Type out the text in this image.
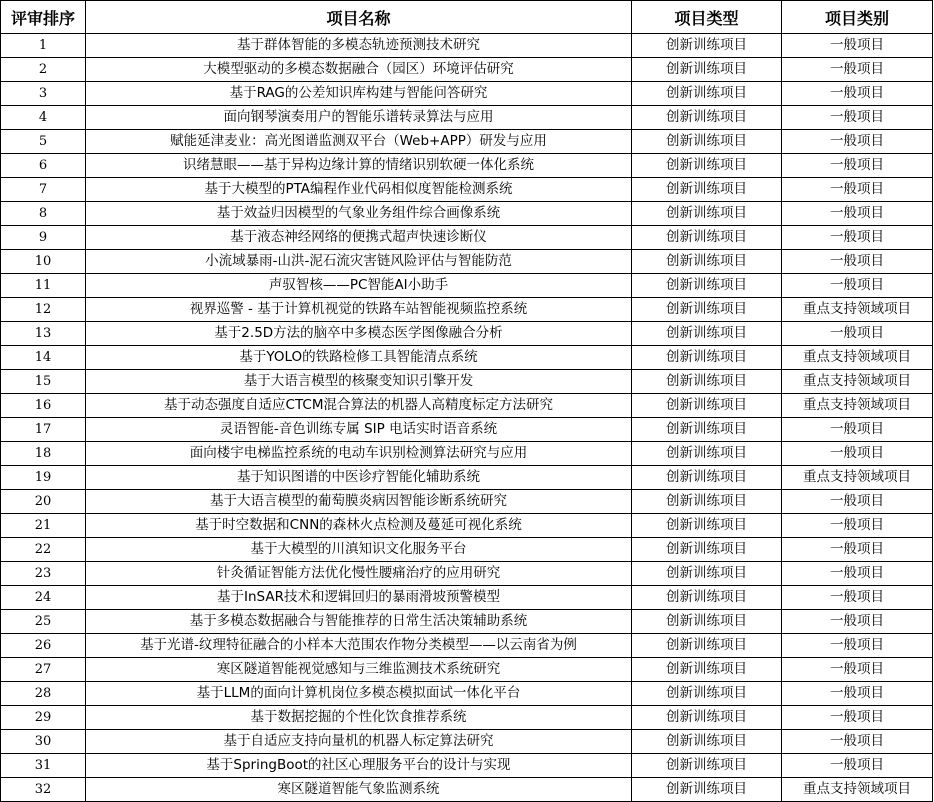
评审排序	项目名称	项目类型	项目类别
1	基于群体智能的多模态轨迹预测技术研究	创新训练项目	一般项目
2	大模型驱动的多模态数据融合（园区）环境评估研究	创新训练项目	一般项目
3	基于RAG的公差知识库构建与智能问答研究	创新训练项目	一般项目
4	面向钢琴演奏用户的智能乐谱转录算法与应用	创新训练项目	一般项目
5	赋能延津麦业：高光图谱监测双平台（Web+APP）研发与应用	创新训练项目	一般项目
6	识绪慧眼——基于异构边缘计算的情绪识别软硬一体化系统	创新训练项目	一般项目
7	基于大模型的PTA编程作业代码相似度智能检测系统	创新训练项目	一般项目
8	基于效益归因模型的气象业务组件综合画像系统	创新训练项目	一般项目
9	基于液态神经网络的便携式超声快速诊断仪	创新训练项目	一般项目
10	小流域暴雨-山洪-泥石流灾害链风险评估与智能防范	创新训练项目	一般项目
11	声驭智核——PC智能AI小助手	创新训练项目	一般项目
12	视界巡警 - 基于计算机视觉的铁路车站智能视频监控系统	创新训练项目	重点支持领域项目
13	基于2.5D方法的脑卒中多模态医学图像融合分析	创新训练项目	一般项目
14	基于YOLO的铁路检修工具智能清点系统	创新训练项目	重点支持领域项目
15	基于大语言模型的核聚变知识引擎开发	创新训练项目	重点支持领域项目
16	基于动态强度自适应CTCM混合算法的机器人高精度标定方法研究	创新训练项目	重点支持领域项目
17	灵语智能-音色训练专属 SIP 电话实时语音系统	创新训练项目	一般项目
18	面向楼宇电梯监控系统的电动车识别检测算法研究与应用	创新训练项目	一般项目
19	基于知识图谱的中医诊疗智能化辅助系统	创新训练项目	重点支持领域项目
20	基于大语言模型的葡萄膜炎病因智能诊断系统研究	创新训练项目	一般项目
21	基于时空数据和CNN的森林火点检测及蔓延可视化系统	创新训练项目	一般项目
22	基于大模型的川滇知识文化服务平台	创新训练项目	一般项目
23	针灸循证智能方法优化慢性腰痛治疗的应用研究	创新训练项目	一般项目
24	基于InSAR技术和逻辑回归的暴雨滑坡预警模型	创新训练项目	一般项目
25	基于多模态数据融合与智能推荐的日常生活决策辅助系统	创新训练项目	一般项目
26	基于光谱-纹理特征融合的小样本大范围农作物分类模型——以云南省为例	创新训练项目	一般项目
27	寒区隧道智能视觉感知与三维监测技术系统研究	创新训练项目	一般项目
28	基于LLM的面向计算机岗位多模态模拟面试一体化平台	创新训练项目	一般项目
29	基于数据挖掘的个性化饮食推荐系统	创新训练项目	一般项目
30	基于自适应支持向量机的机器人标定算法研究	创新训练项目	一般项目
31	基于SpringBoot的社区心理服务平台的设计与实现	创新训练项目	一般项目
32	寒区隧道智能气象监测系统	创新训练项目	重点支持领域项目
